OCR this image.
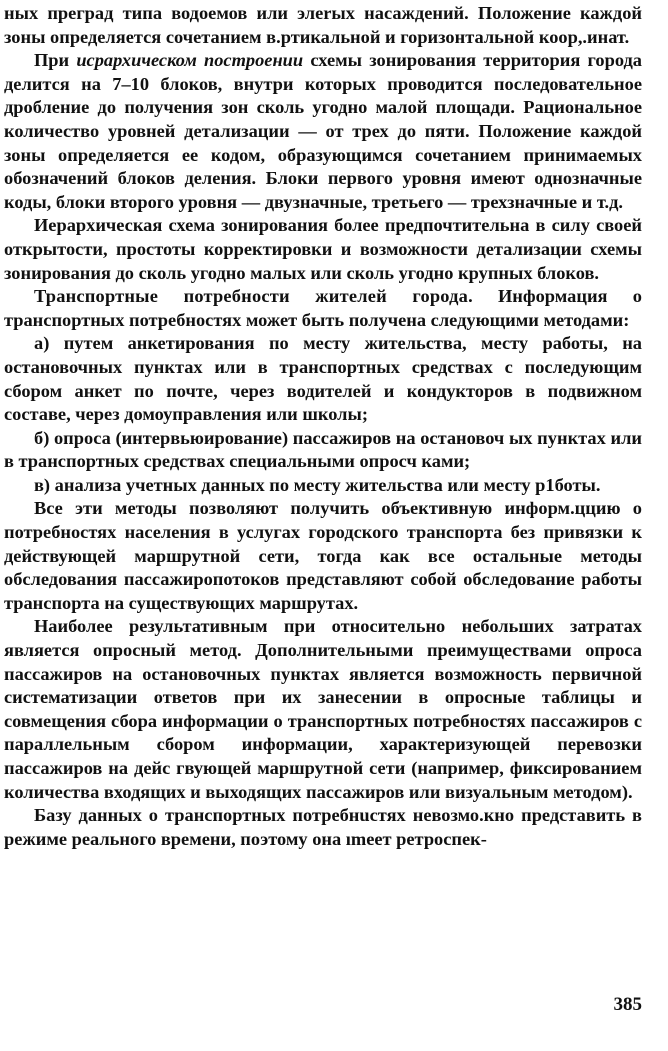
ных преград типа водоемов или элеrых насаждений. Положение каждой зоны определяется сочетанием в.ртикальной и горизонтальной коор,.инат.

При исрархическом построении схемы зонирования территория города делится на 7–10 блоков, внутри которых проводится последовательное дробление до получения зон сколь угодно малой площади. Рациональное количество уровней детализации — от трех до пяти. Положение каждой зоны определяется ее кодом, образующимся сочетанием принимаемых обозначений блоков деления. Блоки первого уровня имеют однозначные коды, блоки второго уровня — двузначные, третьего — трехзначные и т.д.

Иерархическая схема зонирования более предпочтительна в силу своей открытости, простоты корректировки и возможности детализации схемы зонирования до сколь угодно малых или сколь угодно крупных блоков.

Транспортные потребности жителей города. Информация о транспортных потребностях может быть получена следующими методами:

а) путем анкетирования по месту жительства, месту работы, на остановочных пунктах или в транспортных средствах с последующим сбором анкет по почте, через водителей и кондукторов в подвижном составе, через домоуправления или школы;

б) опроса (интервьюирование) пассажиров на остановоч ых пунктах или в транспортных средствах специальными опросч ками;

в) анализа учетных данных по месту жительства или месту р1боты.

Все эти методы позволяют получить объективную информ.ццию о потребностях населения в услугах городского транспорта без привязки к действующей маршрутной сети, тогда как все остальные методы обследования пассажиропотоков представляют собой обследование работы транспорта на существующих маршрутах.

Наиболее результативным при относительно небольших затратах является опросный метод. Дополнительными преимуществами опроса пассажиров на остановочных пунктах является возможность первичной систематизации ответов при их занесении в опросные таблицы и совмещения сбора информации о транспортных потребностях пассажиров с параллельным сбором информации, характеризующей перевозки пассажиров на дейс гвующей маршрутной сети (например, фиксированием количества входящих и выходящих пассажиров или визуальным методом).

Базу данных о транспортных потребнuстях невозмо.кно представить в режиме реального времени, поэтому она ımeeт ретроспек-

385
